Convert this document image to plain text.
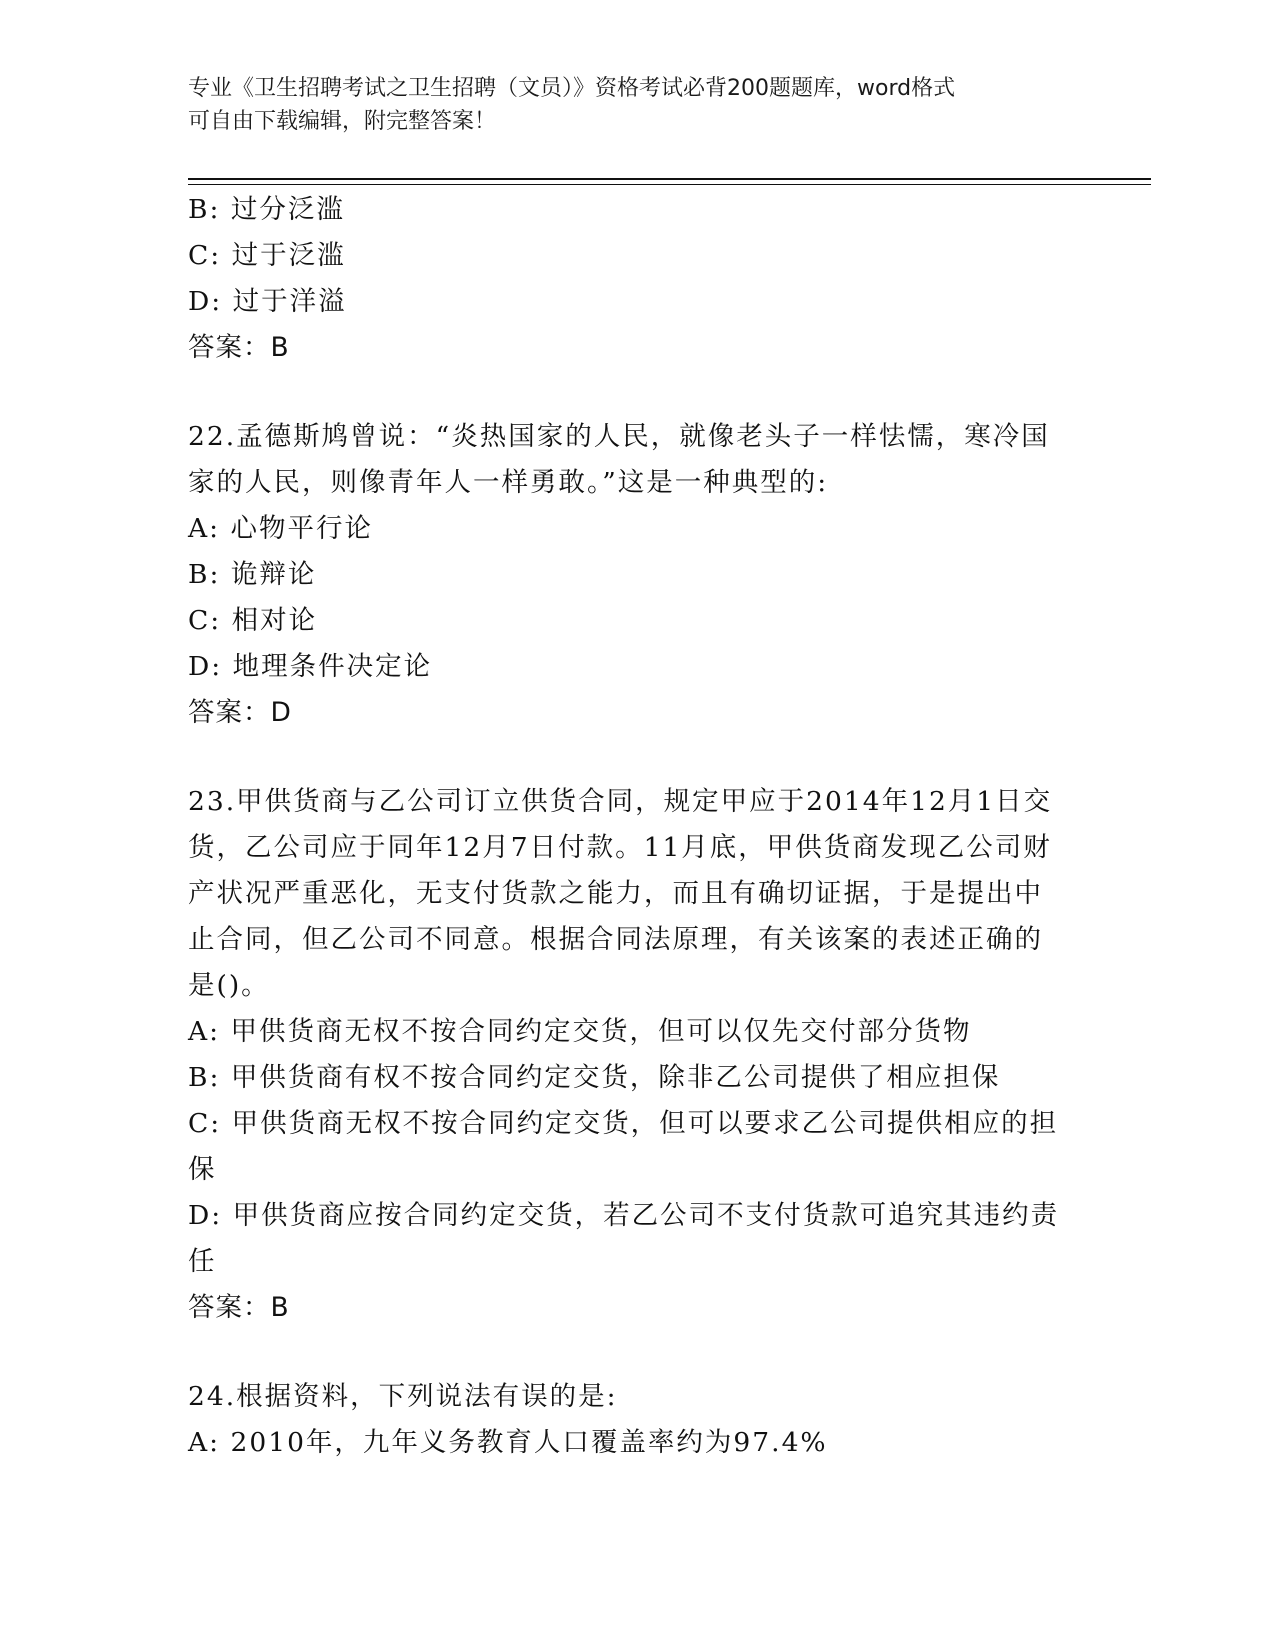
专业《卫生招聘考试之卫生招聘（文员）》资格考试必背200题题库，word格式
可自由下载编辑，附完整答案！
B: 过分泛滥
C: 过于泛滥
D: 过于洋溢
答案：B
22.孟德斯鸠曾说：“炎热国家的人民，就像老头子一样怯懦，寒冷国
家的人民，则像青年人一样勇敢。”这是一种典型的:
A: 心物平行论
B: 诡辩论
C: 相对论
D: 地理条件决定论
答案：D
23.甲供货商与乙公司订立供货合同，规定甲应于2014年12月1日交
货，乙公司应于同年12月7日付款。11月底，甲供货商发现乙公司财
产状况严重恶化，无支付货款之能力，而且有确切证据，于是提出中
止合同，但乙公司不同意。根据合同法原理，有关该案的表述正确的
是()。
A: 甲供货商无权不按合同约定交货，但可以仅先交付部分货物
B: 甲供货商有权不按合同约定交货，除非乙公司提供了相应担保
C: 甲供货商无权不按合同约定交货，但可以要求乙公司提供相应的担
保
D: 甲供货商应按合同约定交货，若乙公司不支付货款可追究其违约责
任
答案：B
24.根据资料，下列说法有误的是:
A: 2010年，九年义务教育人口覆盖率约为97.4%
